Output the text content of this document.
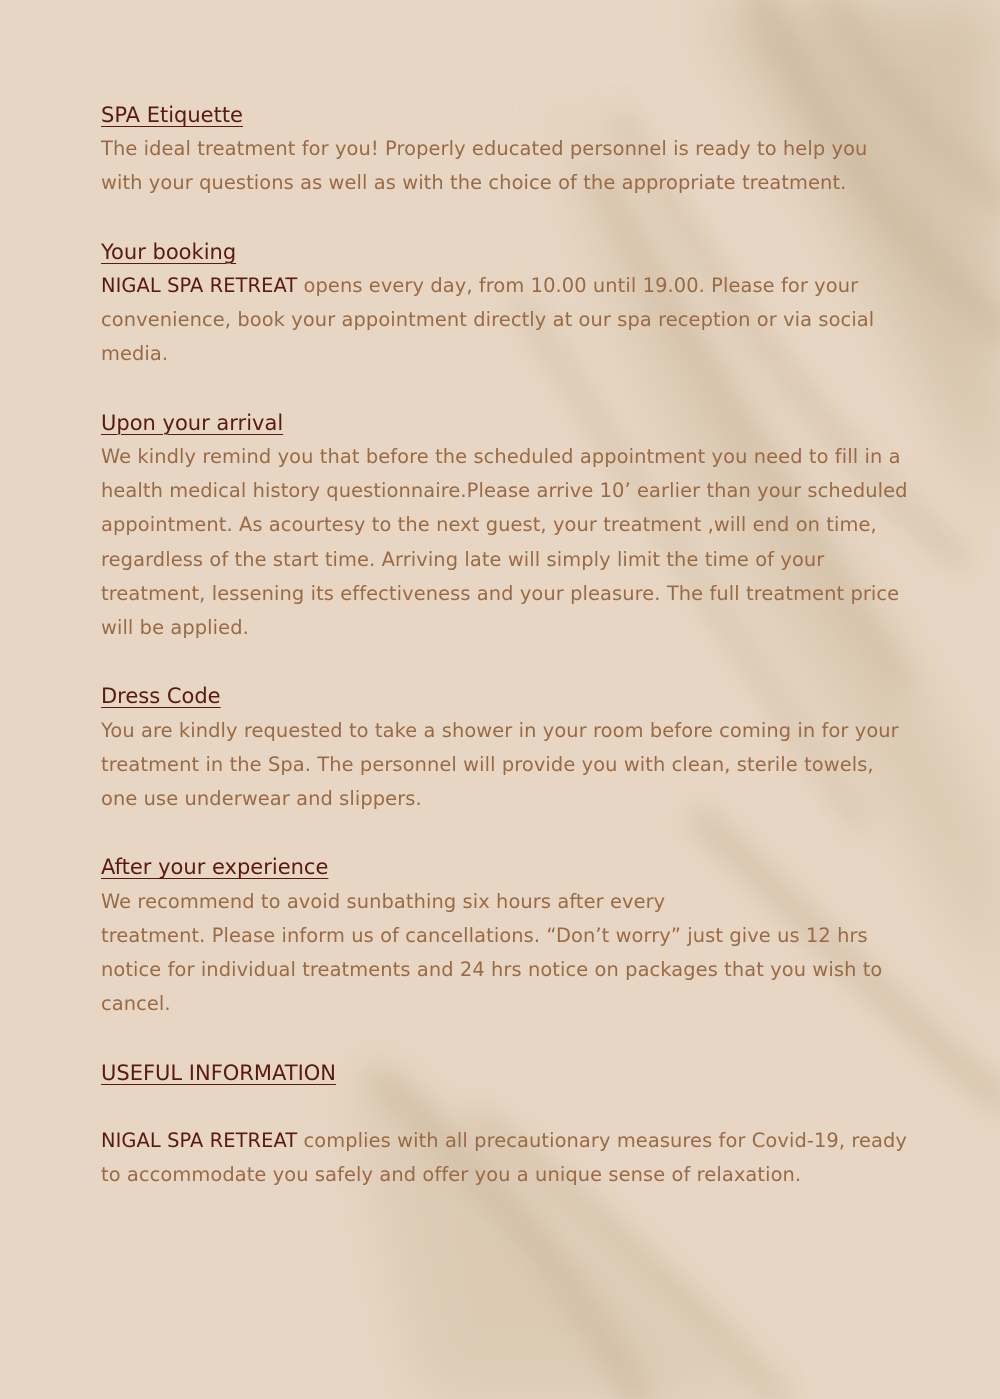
SPA Etiquette

The ideal treatment for you! Properly educated personnel is ready to help you with your questions as well as with the choice of the appropriate treatment.

Your booking

NIGAL SPA RETREAT opens every day, from 10.00 until 19.00. Please for your convenience, book your appointment directly at our spa reception or via social media.

Upon your arrival

We kindly remind you that before the scheduled appointment you need to fill in a health medical history questionnaire.Please arrive 10’ earlier than your scheduled appointment. As acourtesy to the next guest, your treatment ,will end on time, regardless of the start time. Arriving late will simply limit the time of your treatment, lessening its effectiveness and your pleasure. The full treatment price will be applied.

Dress Code

You are kindly requested to take a shower in your room before coming in for your treatment in the Spa. The personnel will provide you with clean, sterile towels, one use underwear and slippers.

After your experience

We recommend to avoid sunbathing six hours after every

treatment. Please inform us of cancellations. “Don’t worry” just give us 12 hrs notice for individual treatments and 24 hrs notice on packages that you wish to cancel.

USEFUL INFORMATION

NIGAL SPA RETREAT complies with all precautionary measures for Covid-19, ready to accommodate you safely and offer you a unique sense of relaxation.
